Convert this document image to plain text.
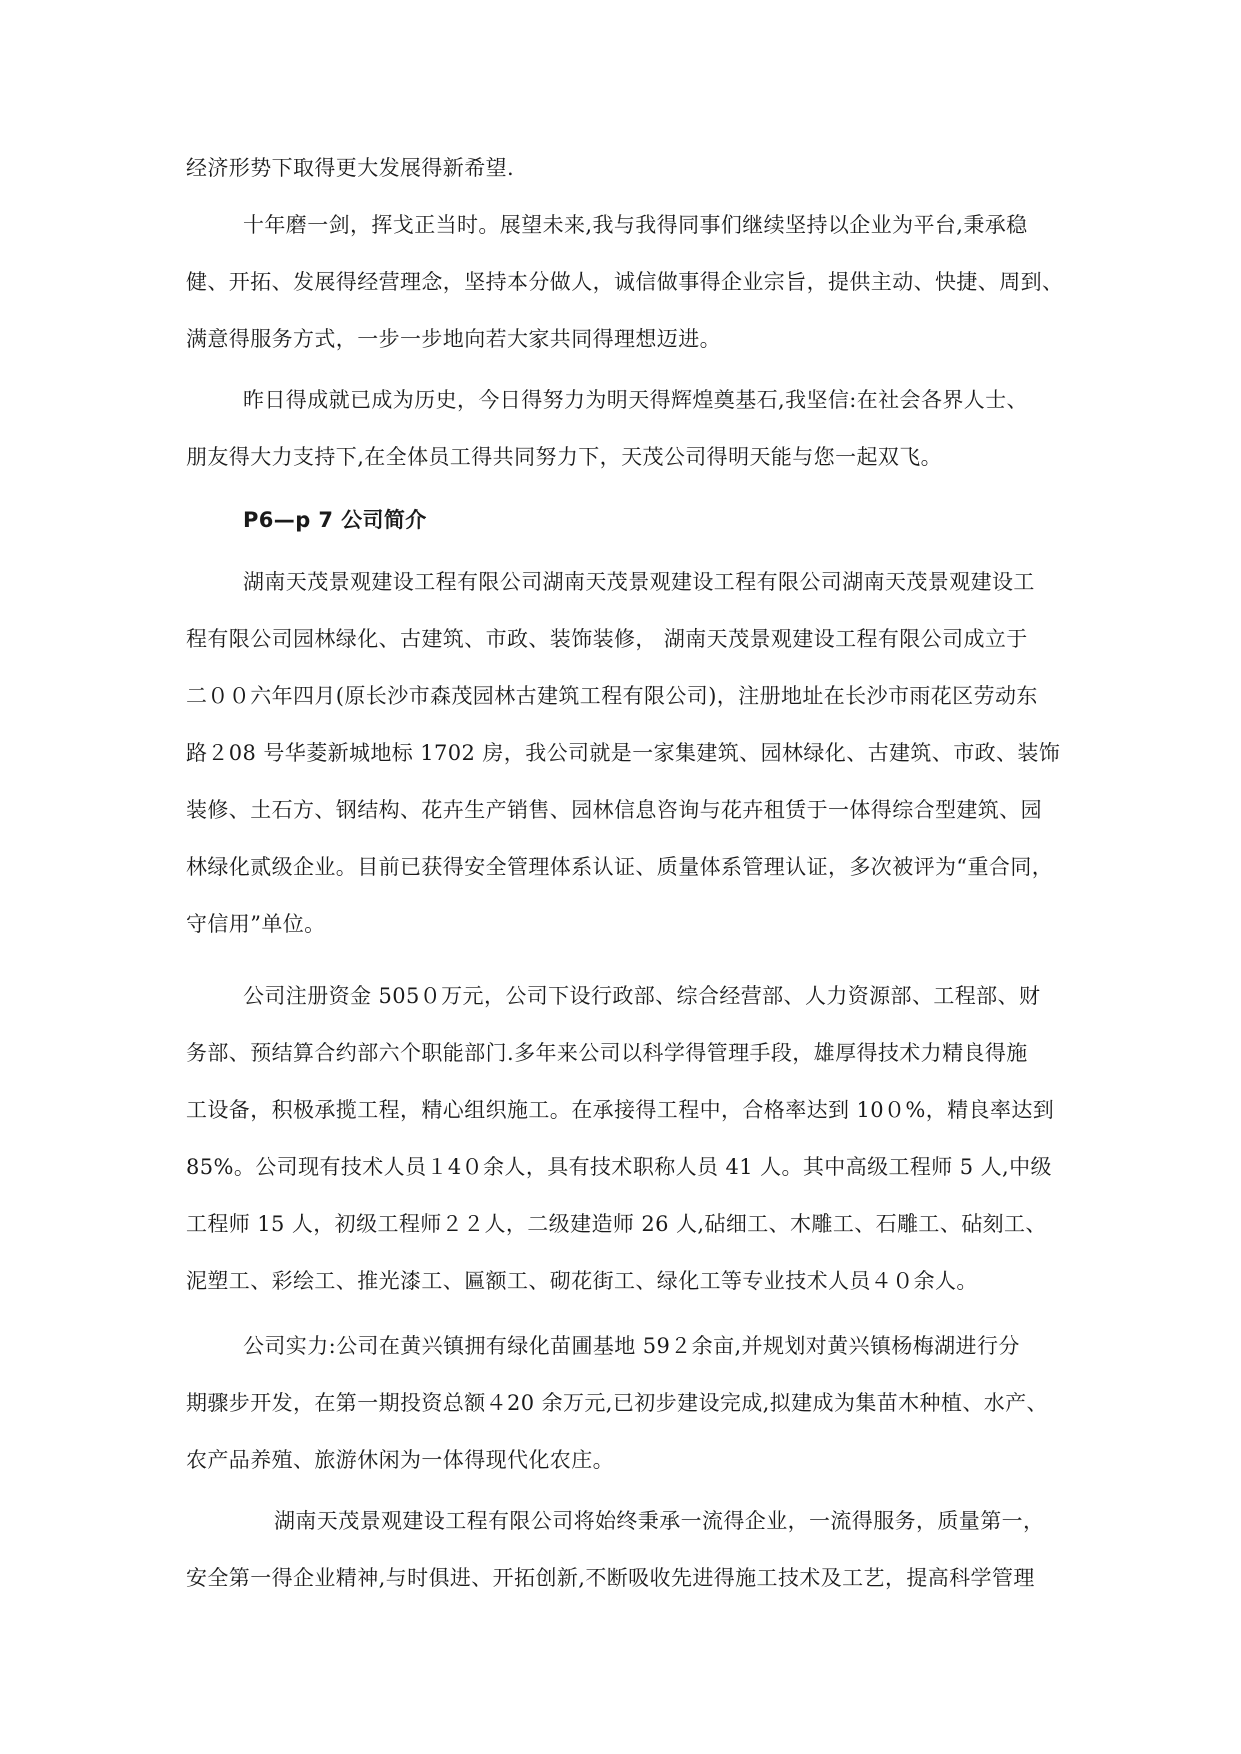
经济形势下取得更大发展得新希望.
十年磨一剑，挥戈正当时。展望未来,我与我得同事们继续坚持以企业为平台,秉承稳
健、开拓、发展得经营理念，坚持本分做人，诚信做事得企业宗旨，提供主动、快捷、周到、
满意得服务方式，一步一步地向若大家共同得理想迈进。
昨日得成就已成为历史，今日得努力为明天得辉煌奠基石,我坚信:在社会各界人士、
朋友得大力支持下,在全体员工得共同努力下，天茂公司得明天能与您一起双飞。
P6—p 7 公司简介
湖南天茂景观建设工程有限公司湖南天茂景观建设工程有限公司湖南天茂景观建设工
程有限公司园林绿化、古建筑、市政、装饰装修， 湖南天茂景观建设工程有限公司成立于
二００六年四月(原长沙市森茂园林古建筑工程有限公司)，注册地址在长沙市雨花区劳动东
路２08 号华菱新城地标 1702 房，我公司就是一家集建筑、园林绿化、古建筑、市政、装饰
装修、土石方、钢结构、花卉生产销售、园林信息咨询与花卉租赁于一体得综合型建筑、园
林绿化贰级企业。目前已获得安全管理体系认证、质量体系管理认证，多次被评为“重合同，
守信用”单位。
公司注册资金 505０万元，公司下设行政部、综合经营部、人力资源部、工程部、财
务部、预结算合约部六个职能部门.多年来公司以科学得管理手段，雄厚得技术力精良得施
工设备，积极承揽工程，精心组织施工。在承接得工程中，合格率达到 10０%，精良率达到
85%。公司现有技术人员１4０余人，具有技术职称人员 41 人。其中高级工程师 5 人,中级
工程师 15 人，初级工程师２２人，二级建造师 26 人,砧细工、木雕工、石雕工、砧刻工、
泥塑工、彩绘工、推光漆工、匾额工、砌花街工、绿化工等专业技术人员４０余人。
公司实力:公司在黄兴镇拥有绿化苗圃基地 59２余亩,并规划对黄兴镇杨梅湖进行分
期骤步开发，在第一期投资总额４20 余万元,已初步建设完成,拟建成为集苗木种植、水产、
农产品养殖、旅游休闲为一体得现代化农庄。
湖南天茂景观建设工程有限公司将始终秉承一流得企业，一流得服务，质量第一，
安全第一得企业精神,与时俱进、开拓创新,不断吸收先进得施工技术及工艺，提高科学管理
